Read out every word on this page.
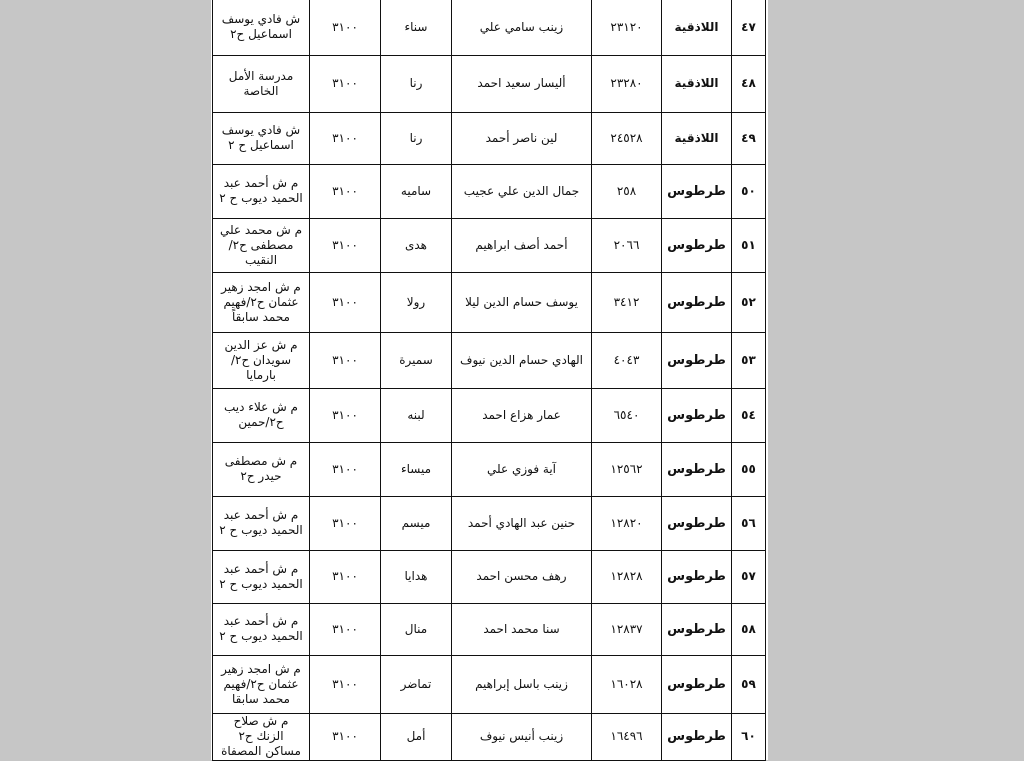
٤٧	اللاذقية	٢٣١٢٠	زينب سامي علي	سناء	٣١٠٠	ش فادي يوسف اسماعيل ح٢
٤٨	اللاذقية	٢٣٢٨٠	أليسار سعيد احمد	رنا	٣١٠٠	مدرسة الأمل الخاصة
٤٩	اللاذقية	٢٤٥٢٨	لين ناصر أحمد	رنا	٣١٠٠	ش فادي يوسف اسماعيل ح ٢
٥٠	طرطوس	٢٥٨	جمال الدين علي عجيب	ساميه	٣١٠٠	م ش أحمد عبد الحميد ديوب ح ٢
٥١	طرطوس	٢٠٦٦	أحمد أصف ابراهيم	هدى	٣١٠٠	م ش محمد علي مصطفى ح٢/النقيب
٥٢	طرطوس	٣٤١٢	يوسف حسام الدين ليلا	رولا	٣١٠٠	م ش امجد زهير عثمان ح٢/فهيم محمد سابقاً
٥٣	طرطوس	٤٠٤٣	الهادي حسام الدين نيوف	سميرة	٣١٠٠	م ش عز الدين سويدان ح٢/بارمايا
٥٤	طرطوس	٦٥٤٠	عمار هزاع احمد	لبنه	٣١٠٠	م ش علاء ديب ح٢/حمين
٥٥	طرطوس	١٢٥٦٢	آية فوزي علي	ميساء	٣١٠٠	م ش مصطفى حيدر ح٢
٥٦	طرطوس	١٢٨٢٠	حنين عبد الهادي أحمد	ميسم	٣١٠٠	م ش أحمد عبد الحميد ديوب ح ٢
٥٧	طرطوس	١٢٨٢٨	رهف محسن احمد	هدايا	٣١٠٠	م ش أحمد عبد الحميد ديوب ح ٢
٥٨	طرطوس	١٢٨٣٧	سنا محمد احمد	منال	٣١٠٠	م ش أحمد عبد الحميد ديوب ح ٢
٥٩	طرطوس	١٦٠٢٨	زينب باسل إبراهيم	تماضر	٣١٠٠	م ش امجد زهير عثمان ح٢/فهيم محمد سابقا
٦٠	طرطوس	١٦٤٩٦	زينب أنيس نيوف	أمل	٣١٠٠	م ش صلاح الزنك ح٢ مساكن المصفاة
